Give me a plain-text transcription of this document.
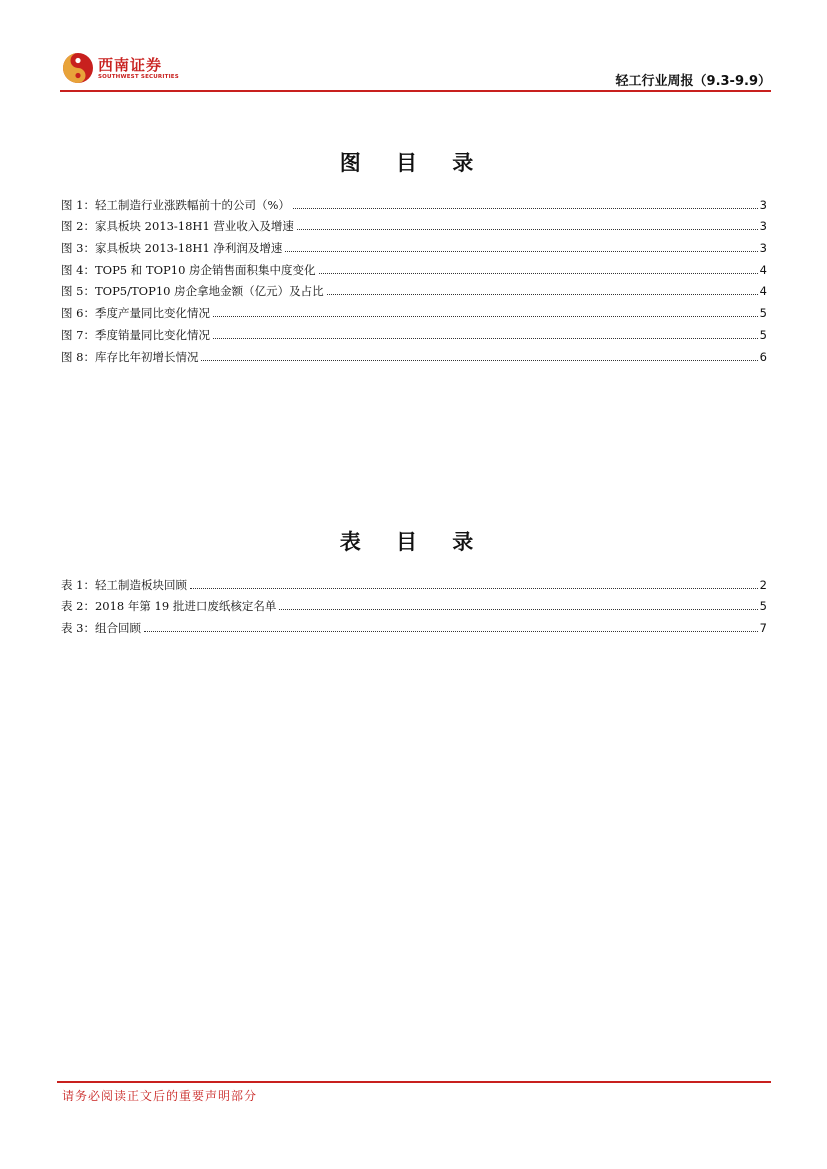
西南证券
SOUTHWEST SECURITIES	轻工行业周报（9.3-9.9）
图 目 录
图 1：轻工制造行业涨跌幅前十的公司（%）	3
图 2：家具板块 2013-18H1 营业收入及增速	3
图 3：家具板块 2013-18H1 净利润及增速	3
图 4：TOP5 和 TOP10 房企销售面积集中度变化	4
图 5：TOP5/TOP10 房企拿地金额（亿元）及占比	4
图 6：季度产量同比变化情况	5
图 7：季度销量同比变化情况	5
图 8：库存比年初增长情况	6
表 目 录
表 1：轻工制造板块回顾	2
表 2：2018 年第 19 批进口废纸核定名单	5
表 3：组合回顾	7
请务必阅读正文后的重要声明部分
